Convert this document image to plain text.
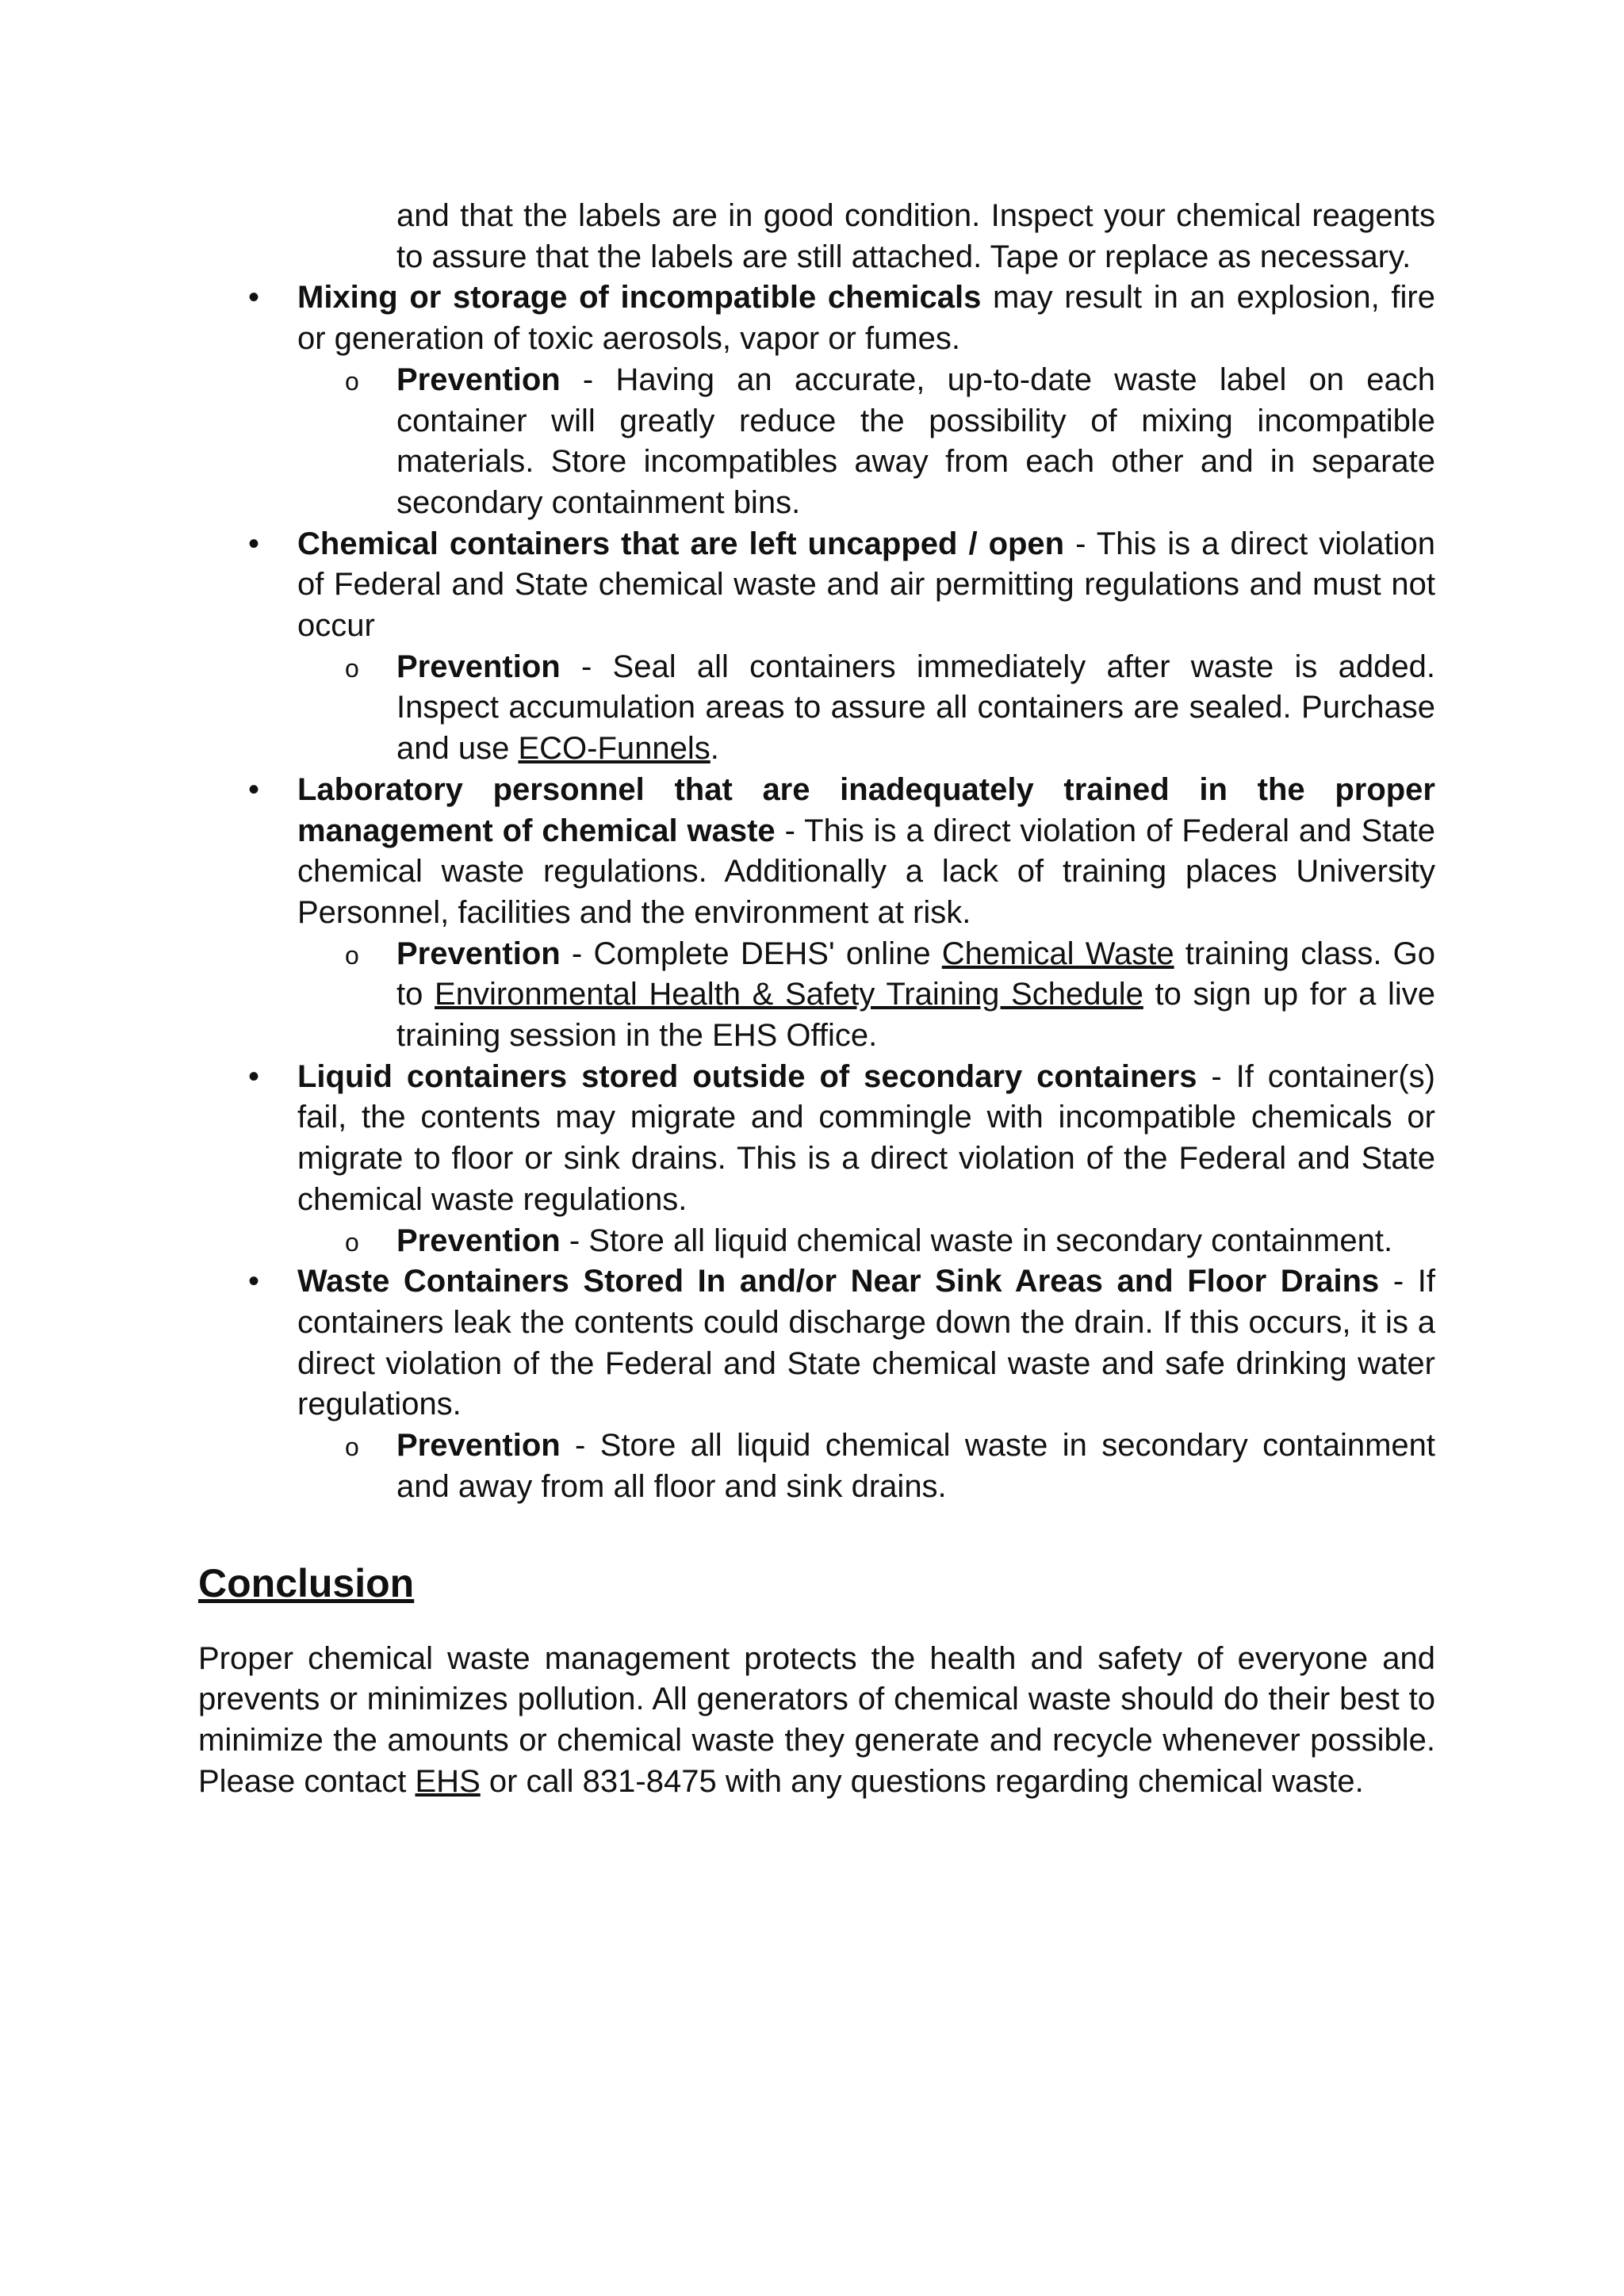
and that the labels are in good condition. Inspect your chemical reagents to assure that the labels are still attached. Tape or replace as necessary.

• Mixing or storage of incompatible chemicals may result in an explosion, fire or generation of toxic aerosols, vapor or fumes.
o Prevention - Having an accurate, up-to-date waste label on each container will greatly reduce the possibility of mixing incompatible materials. Store incompatibles away from each other and in separate secondary containment bins.
• Chemical containers that are left uncapped / open - This is a direct violation of Federal and State chemical waste and air permitting regulations and must not occur
o Prevention - Seal all containers immediately after waste is added. Inspect accumulation areas to assure all containers are sealed. Purchase and use ECO-Funnels.
• Laboratory personnel that are inadequately trained in the proper management of chemical waste - This is a direct violation of Federal and State chemical waste regulations. Additionally a lack of training places University Personnel, facilities and the environment at risk.
o Prevention - Complete DEHS' online Chemical Waste training class. Go to Environmental Health & Safety Training Schedule to sign up for a live training session in the EHS Office.
• Liquid containers stored outside of secondary containers - If container(s) fail, the contents may migrate and commingle with incompatible chemicals or migrate to floor or sink drains. This is a direct violation of the Federal and State chemical waste regulations.
o Prevention - Store all liquid chemical waste in secondary containment.
• Waste Containers Stored In and/or Near Sink Areas and Floor Drains - If containers leak the contents could discharge down the drain. If this occurs, it is a direct violation of the Federal and State chemical waste and safe drinking water regulations.
o Prevention - Store all liquid chemical waste in secondary containment and away from all floor and sink drains.
Conclusion

Proper chemical waste management protects the health and safety of everyone and prevents or minimizes pollution. All generators of chemical waste should do their best to minimize the amounts or chemical waste they generate and recycle whenever possible. Please contact EHS or call 831-8475 with any questions regarding chemical waste.
